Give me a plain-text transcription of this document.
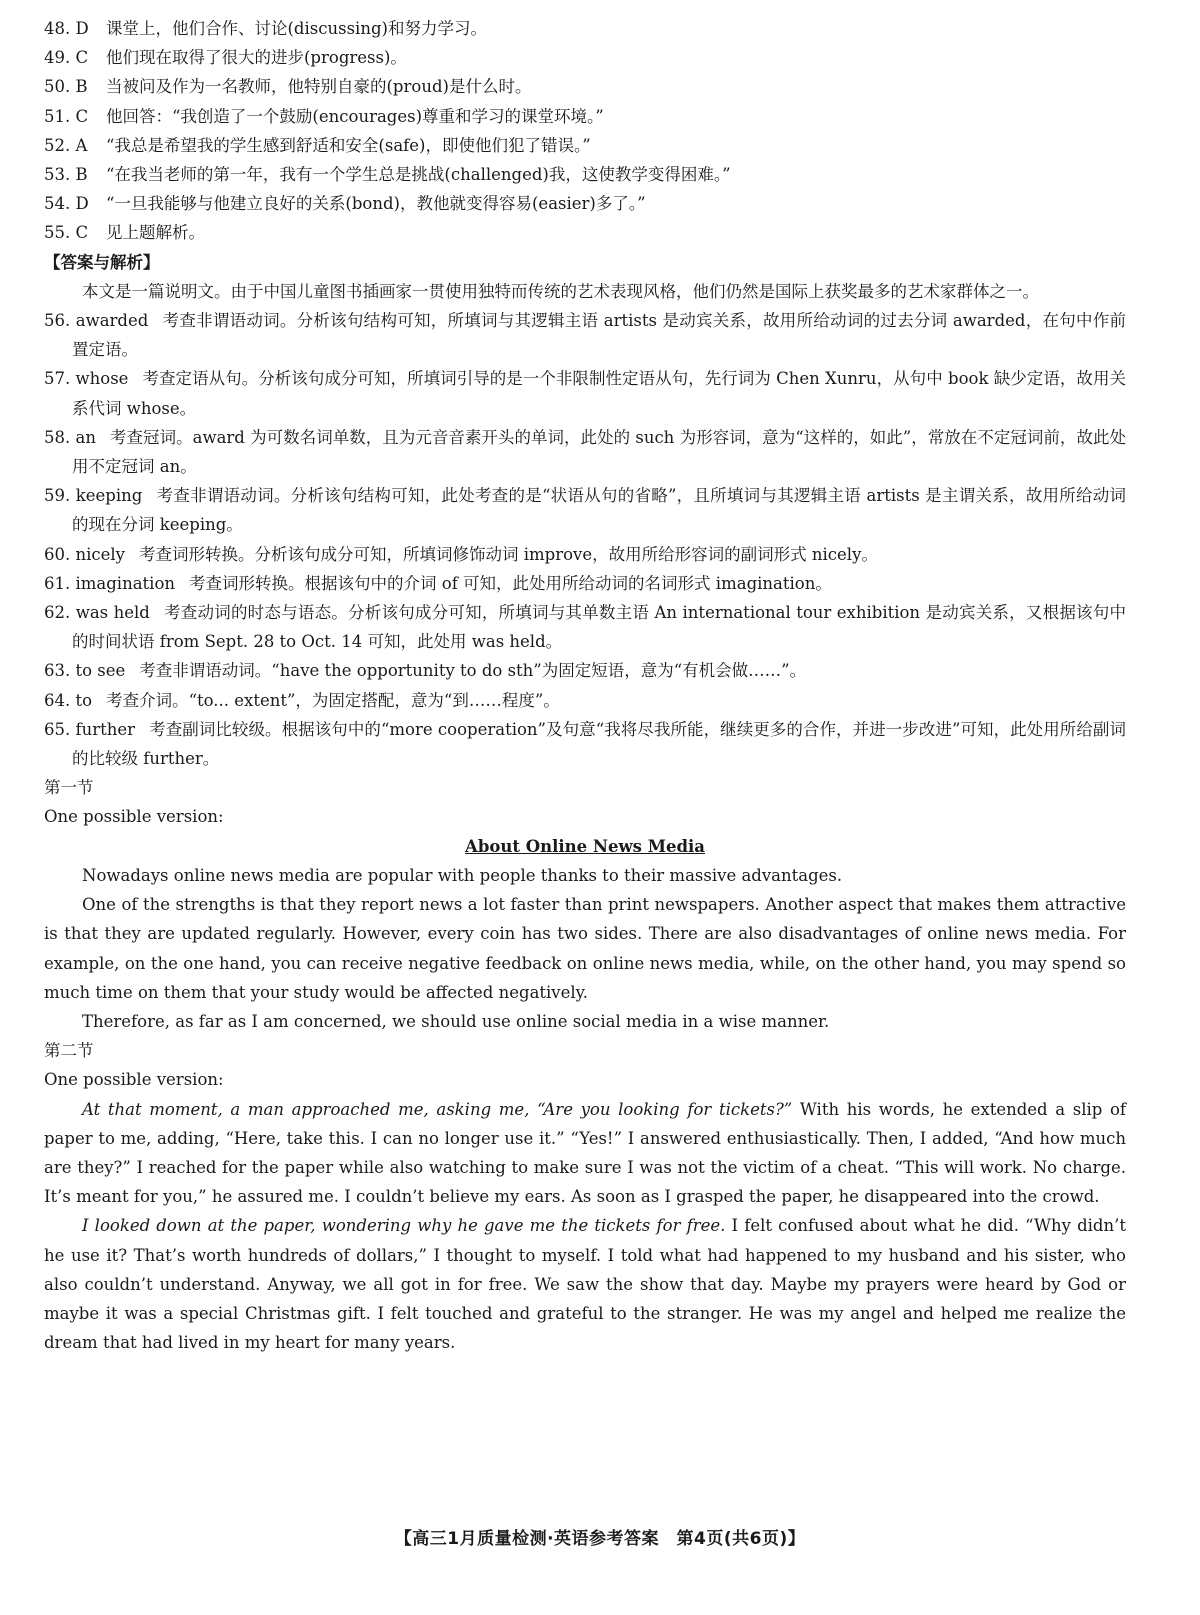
48. D	课堂上，他们合作、讨论(discussing)和努力学习。
49. C	他们现在取得了很大的进步(progress)。
50. B	当被问及作为一名教师，他特别自豪的(proud)是什么时。
51. C	他回答：“我创造了一个鼓励(encourages)尊重和学习的课堂环境。”
52. A	“我总是希望我的学生感到舒适和安全(safe)，即使他们犯了错误。”
53. B	“在我当老师的第一年，我有一个学生总是挑战(challenged)我，这使教学变得困难。”
54. D	“一旦我能够与他建立良好的关系(bond)，教他就变得容易(easier)多了。”
55. C	见上题解析。
【答案与解析】
本文是一篇说明文。由于中国儿童图书插画家一贯使用独特而传统的艺术表现风格，他们仍然是国际上获奖最多的艺术家群体之一。
56. awarded 考查非谓语动词。分析该句结构可知，所填词与其逻辑主语 artists 是动宾关系，故用所给动词的过去分词 awarded，在句中作前置定语。
57. whose 考查定语从句。分析该句成分可知，所填词引导的是一个非限制性定语从句，先行词为 Chen Xunru，从句中 book 缺少定语，故用关系代词 whose。
58. an 考查冠词。award 为可数名词单数，且为元音音素开头的单词，此处的 such 为形容词，意为“这样的，如此”，常放在不定冠词前，故此处用不定冠词 an。
59. keeping 考查非谓语动词。分析该句结构可知，此处考查的是“状语从句的省略”，且所填词与其逻辑主语 artists 是主谓关系，故用所给动词的现在分词 keeping。
60. nicely 考查词形转换。分析该句成分可知，所填词修饰动词 improve，故用所给形容词的副词形式 nicely。
61. imagination 考查词形转换。根据该句中的介词 of 可知，此处用所给动词的名词形式 imagination。
62. was held 考查动词的时态与语态。分析该句成分可知，所填词与其单数主语 An international tour exhibition 是动宾关系，又根据该句中的时间状语 from Sept. 28 to Oct. 14 可知，此处用 was held。
63. to see 考查非谓语动词。“have the opportunity to do sth”为固定短语，意为“有机会做……”。
64. to 考查介词。“to... extent”，为固定搭配，意为“到……程度”。
65. further 考查副词比较级。根据该句中的“more cooperation”及句意“我将尽我所能，继续更多的合作，并进一步改进”可知，此处用所给副词的比较级 further。
第一节
One possible version:
About Online News Media
Nowadays online news media are popular with people thanks to their massive advantages.
One of the strengths is that they report news a lot faster than print newspapers. Another aspect that makes them attractive is that they are updated regularly. However, every coin has two sides. There are also disadvantages of online news media. For example, on the one hand, you can receive negative feedback on online news media, while, on the other hand, you may spend so much time on them that your study would be affected negatively.
Therefore, as far as I am concerned, we should use online social media in a wise manner.
第二节
One possible version:
At that moment, a man approached me, asking me, “Are you looking for tickets?” With his words, he extended a slip of paper to me, adding, “Here, take this. I can no longer use it.” “Yes!” I answered enthusiastically. Then, I added, “And how much are they?” I reached for the paper while also watching to make sure I was not the victim of a cheat. “This will work. No charge. It’s meant for you,” he assured me. I couldn’t believe my ears. As soon as I grasped the paper, he disappeared into the crowd.
I looked down at the paper, wondering why he gave me the tickets for free. I felt confused about what he did. “Why didn’t he use it? That’s worth hundreds of dollars,” I thought to myself. I told what had happened to my husband and his sister, who also couldn’t understand. Anyway, we all got in for free. We saw the show that day. Maybe my prayers were heard by God or maybe it was a special Christmas gift. I felt touched and grateful to the stranger. He was my angel and helped me realize the dream that had lived in my heart for many years.
【高三1月质量检测·英语参考答案　第4页(共6页)】
